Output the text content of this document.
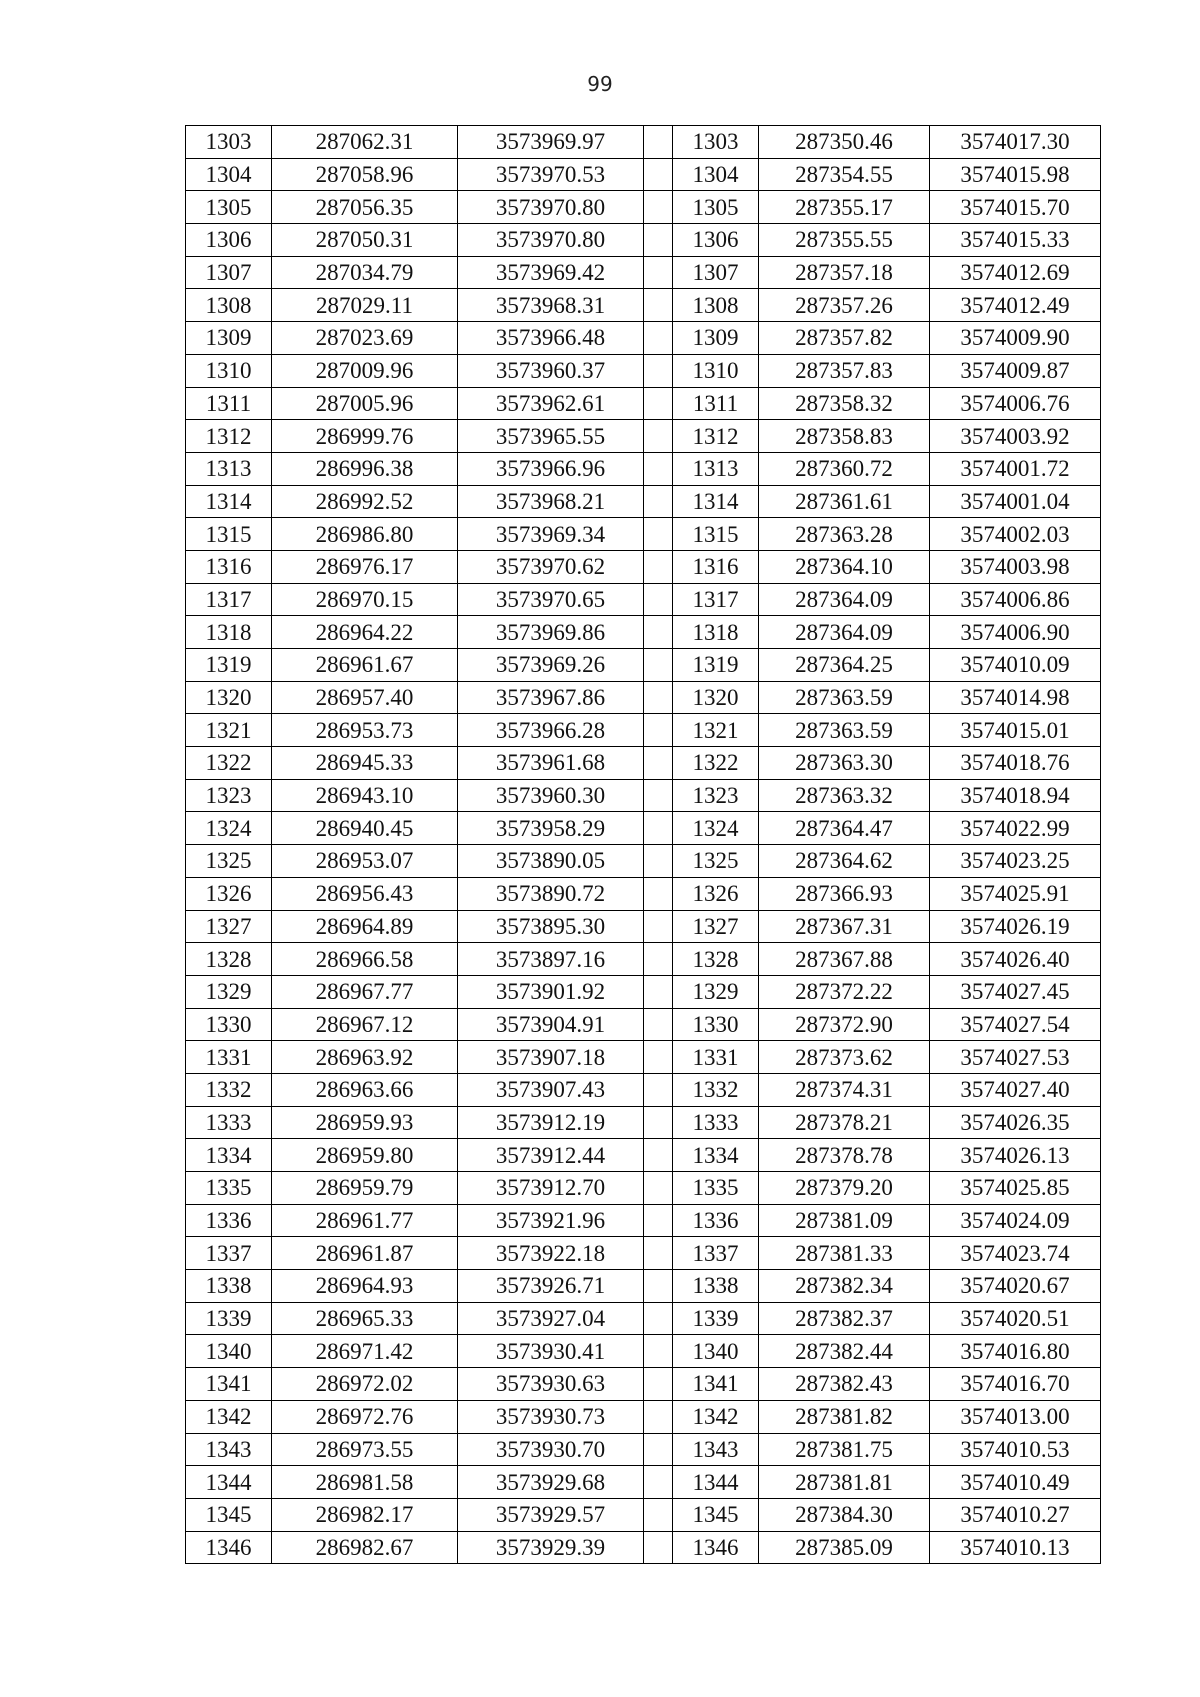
99
1303	287062.31	3573969.97		1303	287350.46	3574017.30
1304	287058.96	3573970.53		1304	287354.55	3574015.98
1305	287056.35	3573970.80		1305	287355.17	3574015.70
1306	287050.31	3573970.80		1306	287355.55	3574015.33
1307	287034.79	3573969.42		1307	287357.18	3574012.69
1308	287029.11	3573968.31		1308	287357.26	3574012.49
1309	287023.69	3573966.48		1309	287357.82	3574009.90
1310	287009.96	3573960.37		1310	287357.83	3574009.87
1311	287005.96	3573962.61		1311	287358.32	3574006.76
1312	286999.76	3573965.55		1312	287358.83	3574003.92
1313	286996.38	3573966.96		1313	287360.72	3574001.72
1314	286992.52	3573968.21		1314	287361.61	3574001.04
1315	286986.80	3573969.34		1315	287363.28	3574002.03
1316	286976.17	3573970.62		1316	287364.10	3574003.98
1317	286970.15	3573970.65		1317	287364.09	3574006.86
1318	286964.22	3573969.86		1318	287364.09	3574006.90
1319	286961.67	3573969.26		1319	287364.25	3574010.09
1320	286957.40	3573967.86		1320	287363.59	3574014.98
1321	286953.73	3573966.28		1321	287363.59	3574015.01
1322	286945.33	3573961.68		1322	287363.30	3574018.76
1323	286943.10	3573960.30		1323	287363.32	3574018.94
1324	286940.45	3573958.29		1324	287364.47	3574022.99
1325	286953.07	3573890.05		1325	287364.62	3574023.25
1326	286956.43	3573890.72		1326	287366.93	3574025.91
1327	286964.89	3573895.30		1327	287367.31	3574026.19
1328	286966.58	3573897.16		1328	287367.88	3574026.40
1329	286967.77	3573901.92		1329	287372.22	3574027.45
1330	286967.12	3573904.91		1330	287372.90	3574027.54
1331	286963.92	3573907.18		1331	287373.62	3574027.53
1332	286963.66	3573907.43		1332	287374.31	3574027.40
1333	286959.93	3573912.19		1333	287378.21	3574026.35
1334	286959.80	3573912.44		1334	287378.78	3574026.13
1335	286959.79	3573912.70		1335	287379.20	3574025.85
1336	286961.77	3573921.96		1336	287381.09	3574024.09
1337	286961.87	3573922.18		1337	287381.33	3574023.74
1338	286964.93	3573926.71		1338	287382.34	3574020.67
1339	286965.33	3573927.04		1339	287382.37	3574020.51
1340	286971.42	3573930.41		1340	287382.44	3574016.80
1341	286972.02	3573930.63		1341	287382.43	3574016.70
1342	286972.76	3573930.73		1342	287381.82	3574013.00
1343	286973.55	3573930.70		1343	287381.75	3574010.53
1344	286981.58	3573929.68		1344	287381.81	3574010.49
1345	286982.17	3573929.57		1345	287384.30	3574010.27
1346	286982.67	3573929.39		1346	287385.09	3574010.13
